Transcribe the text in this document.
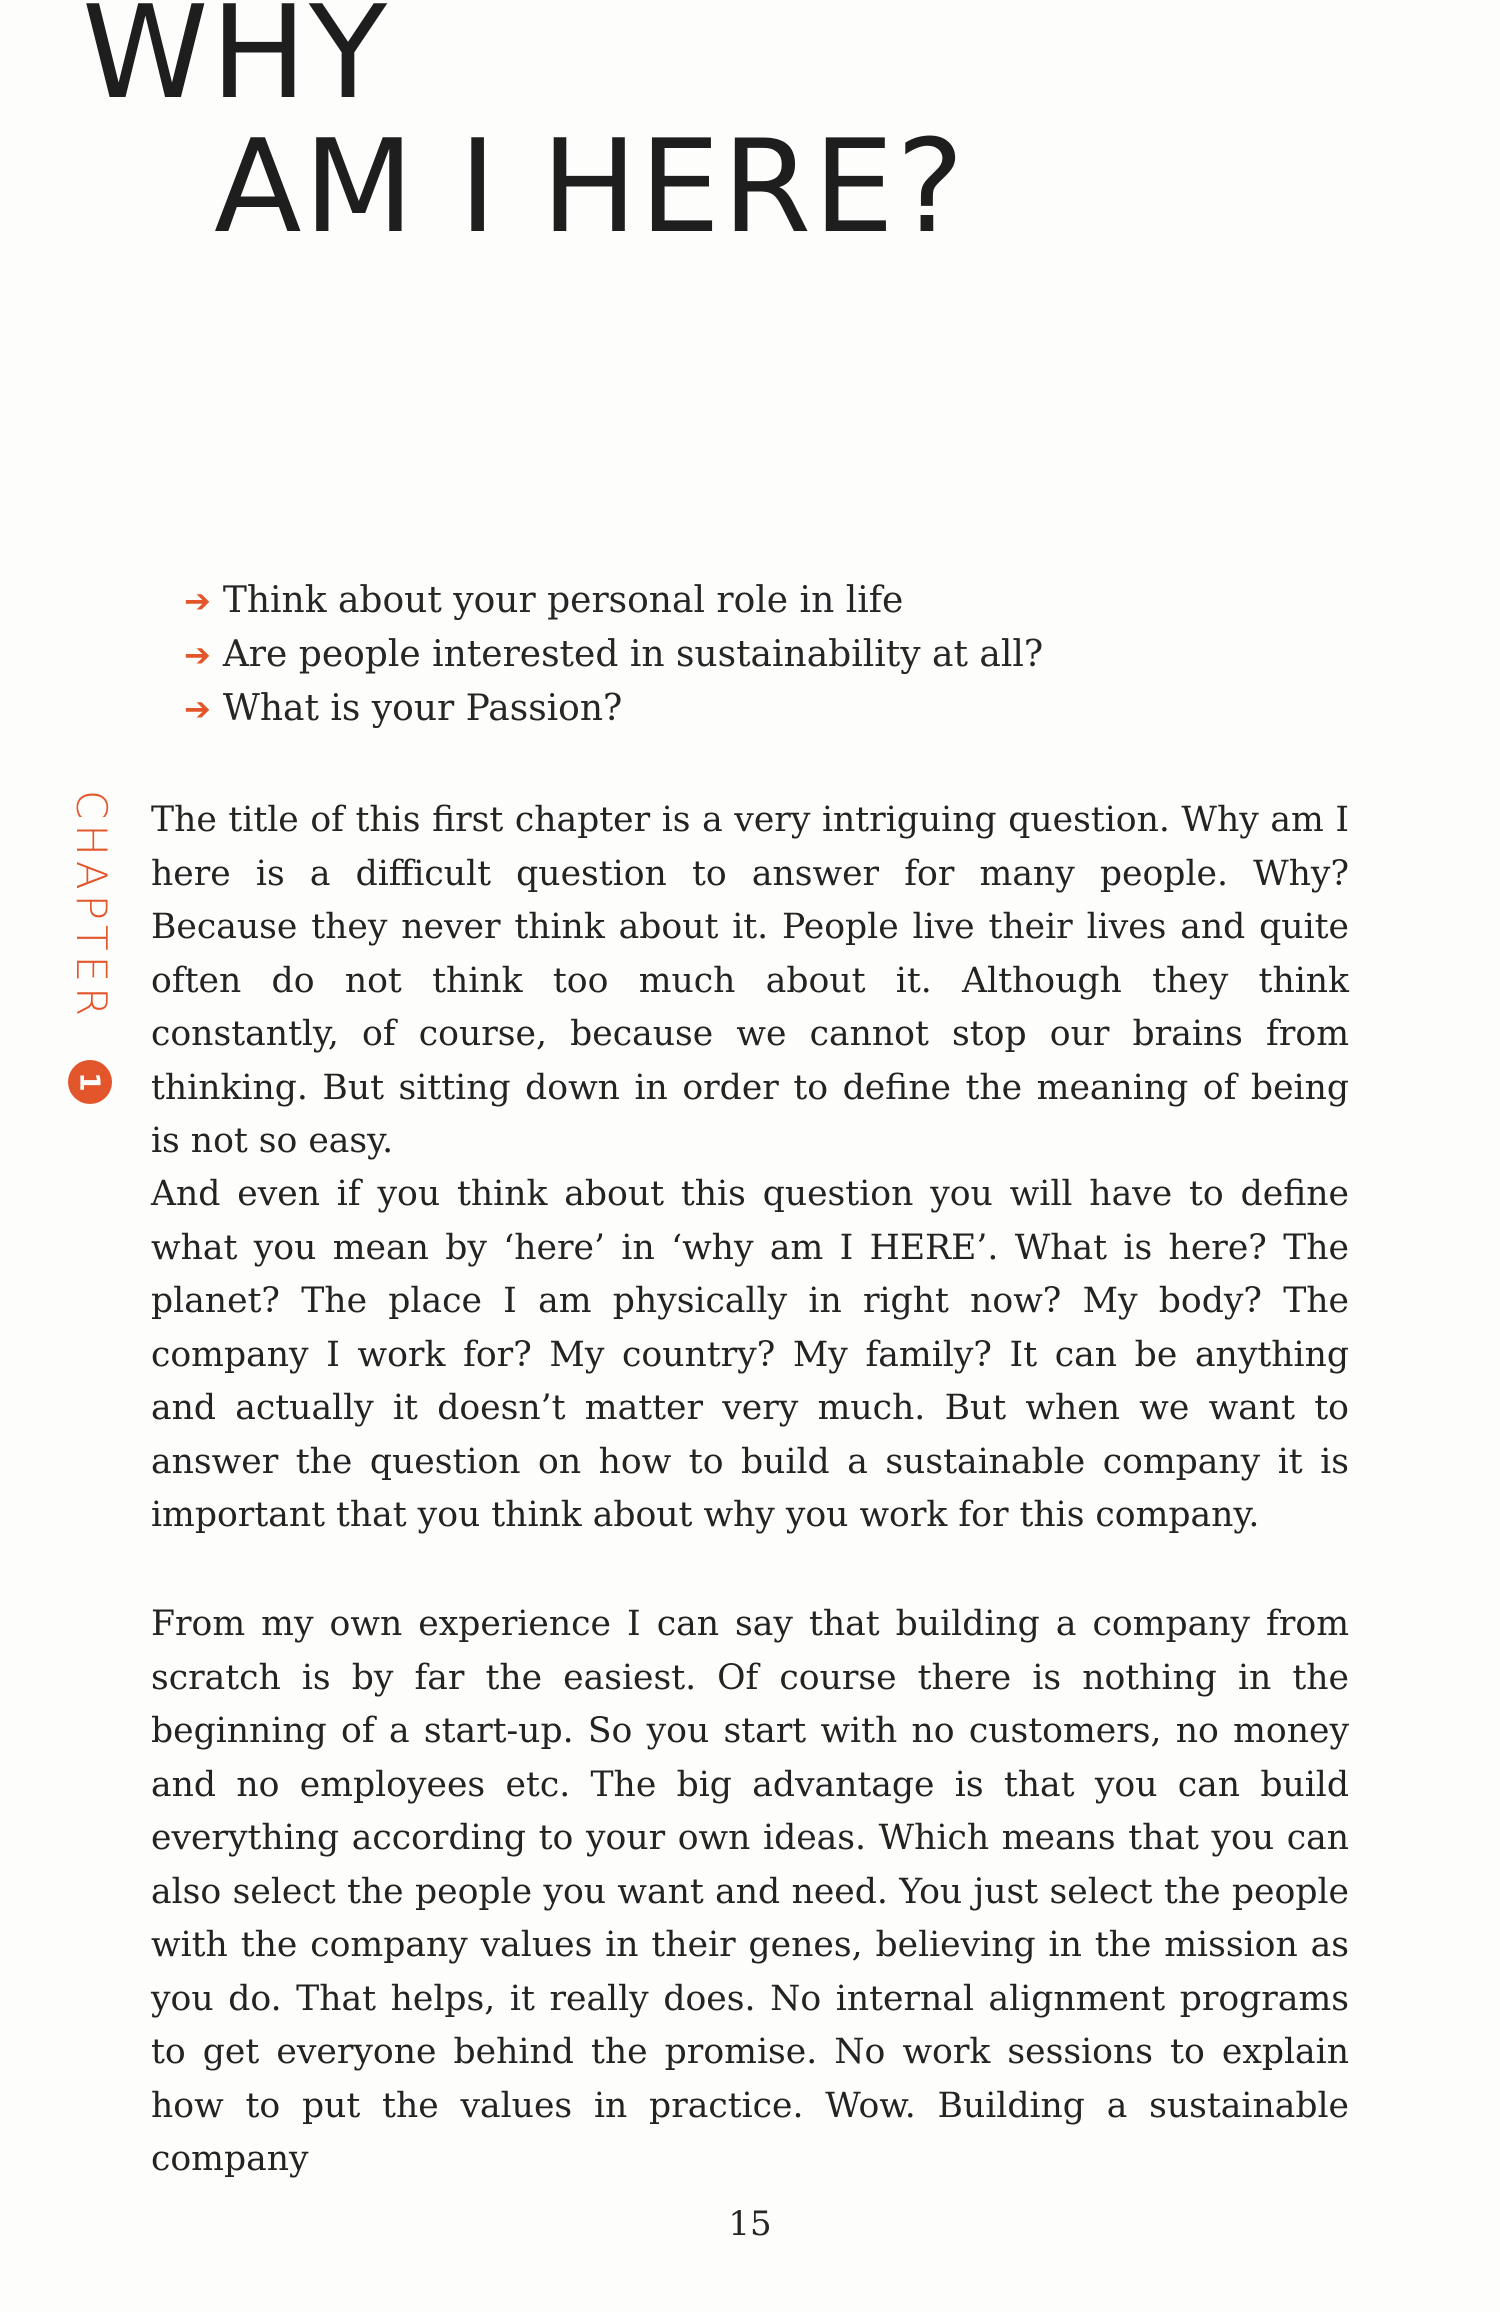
WHY
AM I HERE?
➔ Think about your personal role in life
➔ Are people interested in sustainability at all?
➔ What is your Passion?
CHAPTER
1

The title of this first chapter is a very intriguing question. Why am I here is a difficult question to answer for many people. Why? Because they never think about it. People live their lives and quite often do not think too much about it. Although they think constantly, of course, because we cannot stop our brains from thinking. But sitting down in order to define the meaning of being is not so easy.

And even if you think about this question you will have to define what you mean by ‘here’ in ‘why am I HERE’. What is here? The planet? The place I am physically in right now? My body? The company I work for? My country? My family? It can be anything and actually it doesn’t matter very much. But when we want to answer the question on how to build a sustainable company it is important that you think about why you work for this company.

From my own experience I can say that building a company from scratch is by far the easiest. Of course there is nothing in the beginning of a start-up. So you start with no customers, no money and no employees etc. The big advantage is that you can build everything according to your own ideas. Which means that you can also select the people you want and need. You just select the people with the company values in their genes, believing in the mission as you do. That helps, it really does. No internal alignment programs to get everyone behind the promise. No work sessions to explain how to put the values in practice. Wow. Building a sustainable company

15
